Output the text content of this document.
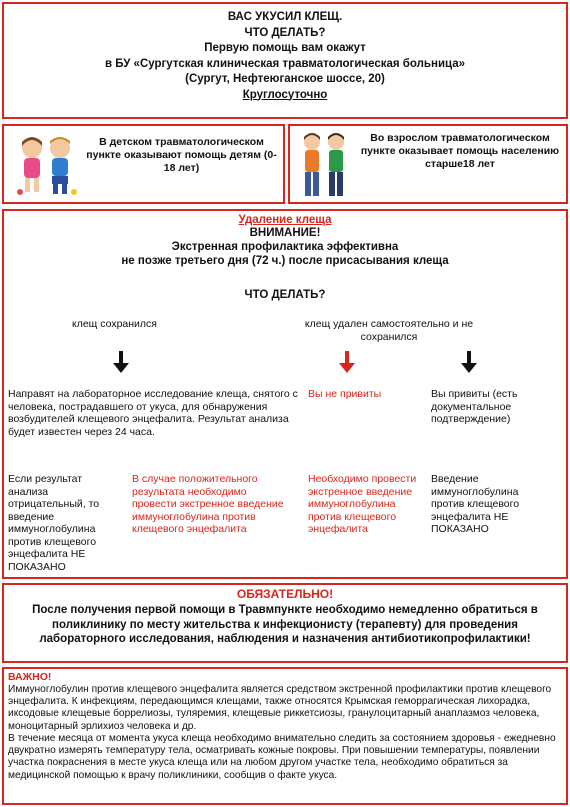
ВАС УКУСИЛ КЛЕЩ.
ЧТО ДЕЛАТЬ?
Первую помощь вам окажут
в БУ «Сургутская клиническая травматологическая больница»
(Сургут, Нефтеюганское шоссе, 20)
Круглосуточно
В детском травматологическом пункте оказывают помощь детям (0-18 лет)
Во взрослом травматологическом пункте оказывает помощь населению старше18 лет
Удаление клеща
ВНИМАНИЕ!
Экстренная профилактика эффективна
не позже третьего дня (72 ч.) после присасывания клеща
ЧТО ДЕЛАТЬ?
клещ сохранился	клещ удален самостоятельно и не сохранился
Направят на лабораторное исследование клеща, снятого с человека, пострадавшего от укуса, для обнаружения возбудителей клещевого энцефалита. Результат анализа будет известен через 24 часа.
Вы не привиты	Вы привиты (есть документальное подтверждение)
Если результат анализа отрицательный, то введение иммуноглобулина против клещевого энцефалита НЕ ПОКАЗАНО
В случае положительного результата необходимо провести экстренное введение иммуноглобулина против клещевого энцефалита
Необходимо провести экстренное введение иммуноглобулина против клещевого энцефалита
Введение иммуноглобулина против клещевого энцефалита НЕ ПОКАЗАНО
ОБЯЗАТЕЛЬНО!
После получения первой помощи в Травмпункте необходимо немедленно обратиться в поликлинику по месту жительства к инфекционисту (терапевту) для проведения лабораторного исследования, наблюдения и назначения антибиотикопрофилактики!
ВАЖНО!
Иммуноглобулин против клещевого энцефалита является средством экстренной профилактики против клещевого энцефалита. К инфекциям, передающимся клещами, также относятся Крымская геморрагическая лихорадка, иксодовые клещевые боррелиозы, туляремия, клещевые риккетсиозы, гранулоцитарный анаплазмоз человека, моноцитарный эрлихиоз человека и др.
В течение месяца от момента укуса клеща необходимо внимательно следить за состоянием здоровья - ежедневно двукратно измерять температуру тела, осматривать кожные покровы. При повышении температуры, появлении участка покраснения в месте укуса клеща или на любом другом участке тела, необходимо обратиться за медицинской помощью к врачу поликлиники, сообщив о факте укуса.
